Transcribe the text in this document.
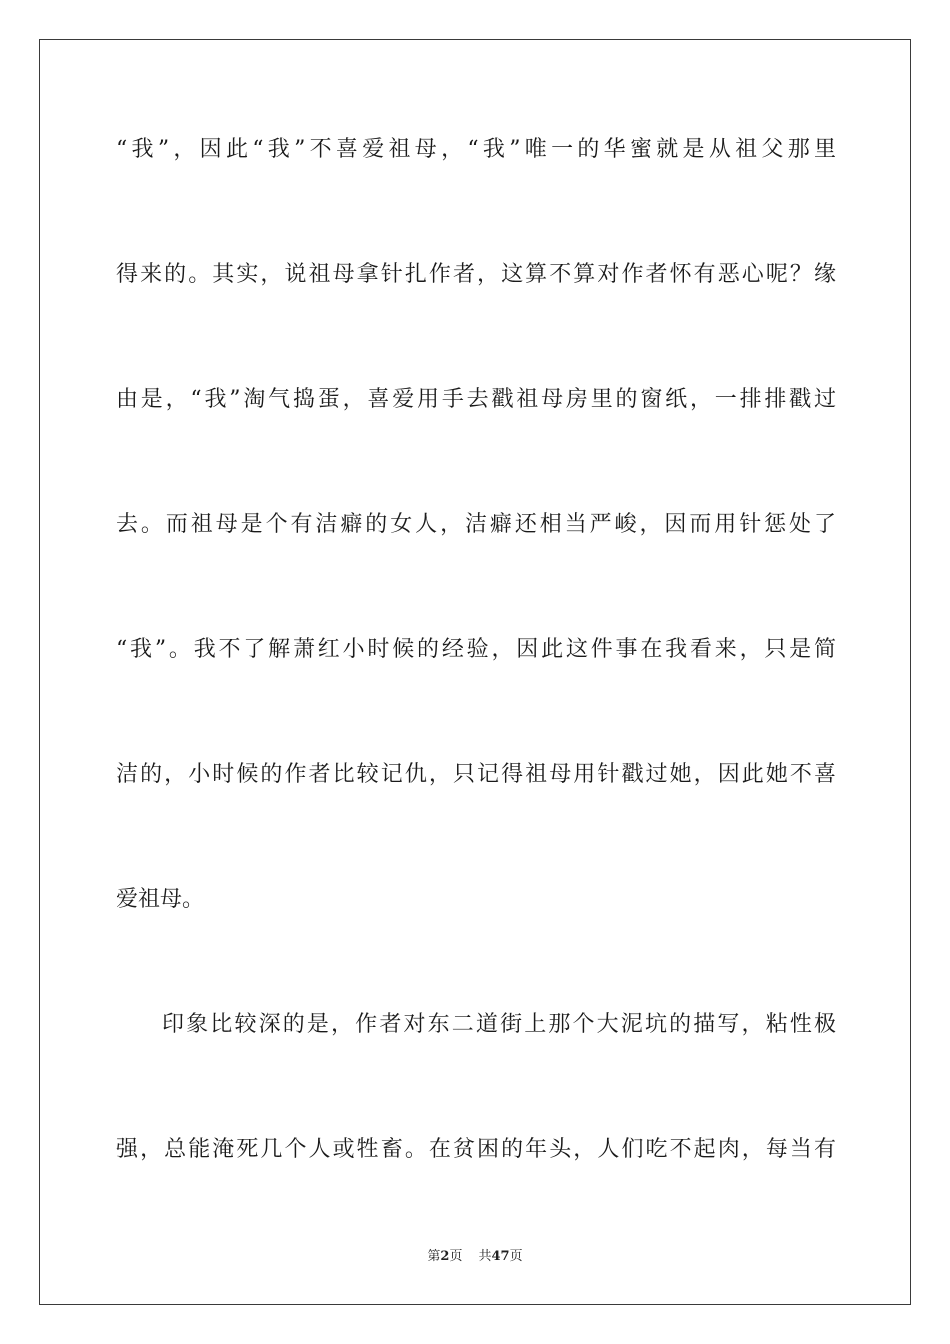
“我”，因此“我”不喜爱祖母，“我”唯一的华蜜就是从祖父那里
得来的。其实，说祖母拿针扎作者，这算不算对作者怀有恶心呢？缘
由是，“我”淘气捣蛋，喜爱用手去戳祖母房里的窗纸，一排排戳过
去。而祖母是个有洁癖的女人，洁癖还相当严峻，因而用针惩处了
“我”。我不了解萧红小时候的经验，因此这件事在我看来，只是简
洁的，小时候的作者比较记仇，只记得祖母用针戳过她，因此她不喜
爱祖母。
印象比较深的是，作者对东二道街上那个大泥坑的描写，粘性极
强，总能淹死几个人或牲畜。在贫困的年头，人们吃不起肉，每当有
第2页 共47页
